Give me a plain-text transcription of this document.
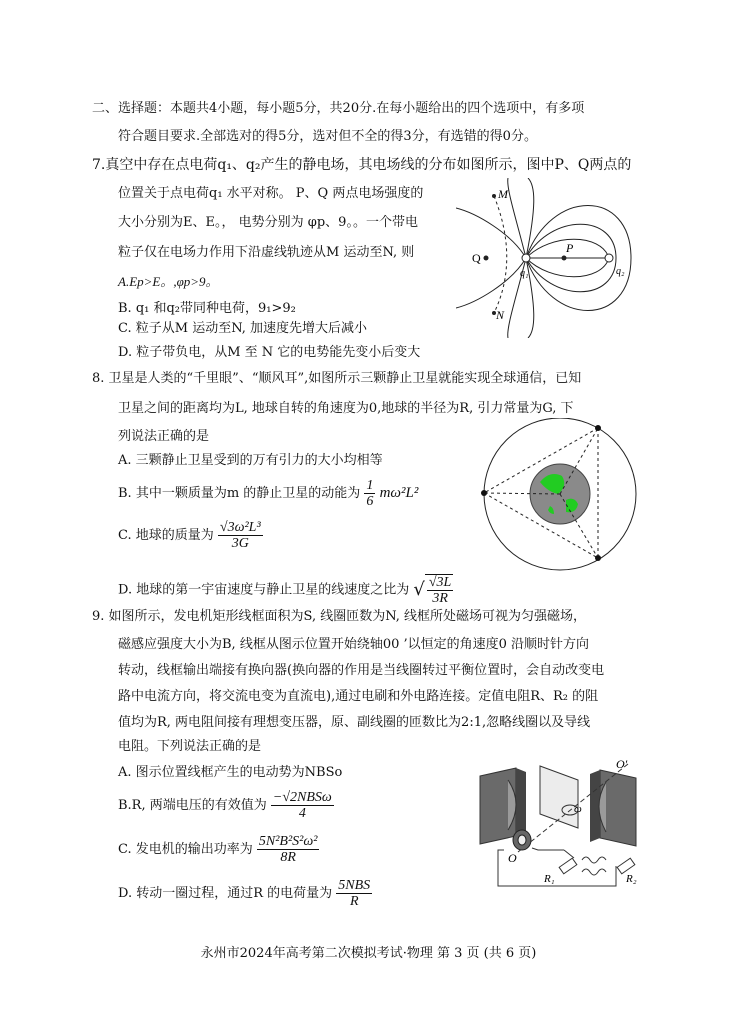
二、选择题：本题共4小题，每小题5分，共20分.在每小题给出的四个选项中，有多项
符合题目要求.全部选对的得5分，选对但不全的得3分，有选错的得0分。
7.真空中存在点电荷q₁、q₂产生的静电场，其电场线的分布如图所示，图中P、Q两点的
位置关于点电荷q₁ 水平对称。 P、Q 两点电场强度的
大小分别为E、E。， 电势分别为 φp、9。。一个带电
粒子仅在电场力作用下沿虚线轨迹从M 运动至N, 则
A.Ep>E。,φp>9。
B. q₁ 和q₂带同种电荷，9₁>9₂
C. 粒子从M 运动至N, 加速度先增大后减小
D. 粒子带负电，从M 至 N 它的电势能先变小后变大
M
N
P
Q
q₁	q₂
8. 卫星是人类的“千里眼”、“顺风耳”,如图所示三颗静止卫星就能实现全球通信，已知
卫星之间的距离均为L, 地球自转的角速度为0,地球的半径为R, 引力常量为G, 下
列说法正确的是
A. 三颗静止卫星受到的万有引力的大小均相等
B. 其中一颗质量为m 的静止卫星的动能为 $\frac{1}{6} m\omega^2L^2$
C. 地球的质量为 $\frac{\text{√3ω²L³}}{3G}$
D. 地球的第一宇宙速度与静止卫星的线速度之比为 √ $\frac{√3L}{3R}$
9. 如图所示，发电机矩形线框面积为S, 线圈匝数为N, 线框所处磁场可视为匀强磁场，
磁感应强度大小为B, 线框从图示位置开始绕轴00 ’以恒定的角速度0 沿顺时针方向
转动，线框输出端接有换向器(换向器的作用是当线圈转过平衡位置时，会自动改变电
路中电流方向，将交流电变为直流电),通过电刷和外电路连接。定值电阻R、R₂ 的阻
值均为R, 两电阻间接有理想变压器，原、副线圈的匝数比为2:1,忽略线圈以及导线
电阻。下列说法正确的是
A. 图示位置线框产生的电动势为NBSo
B.R, 两端电压的有效值为 $\frac{\text{−√2NBSω}}{4}$
C. 发电机的输出功率为 $\frac{\text{5N²B²S²ω²}}{8R}$
D. 转动一圈过程，通过R 的电荷量为 $\frac{\text{5NBS}}{R}$
O
O′
ω
R₁	R₂
永州市2024年高考第二次模拟考试·物理 第 3 页 (共 6 页)
